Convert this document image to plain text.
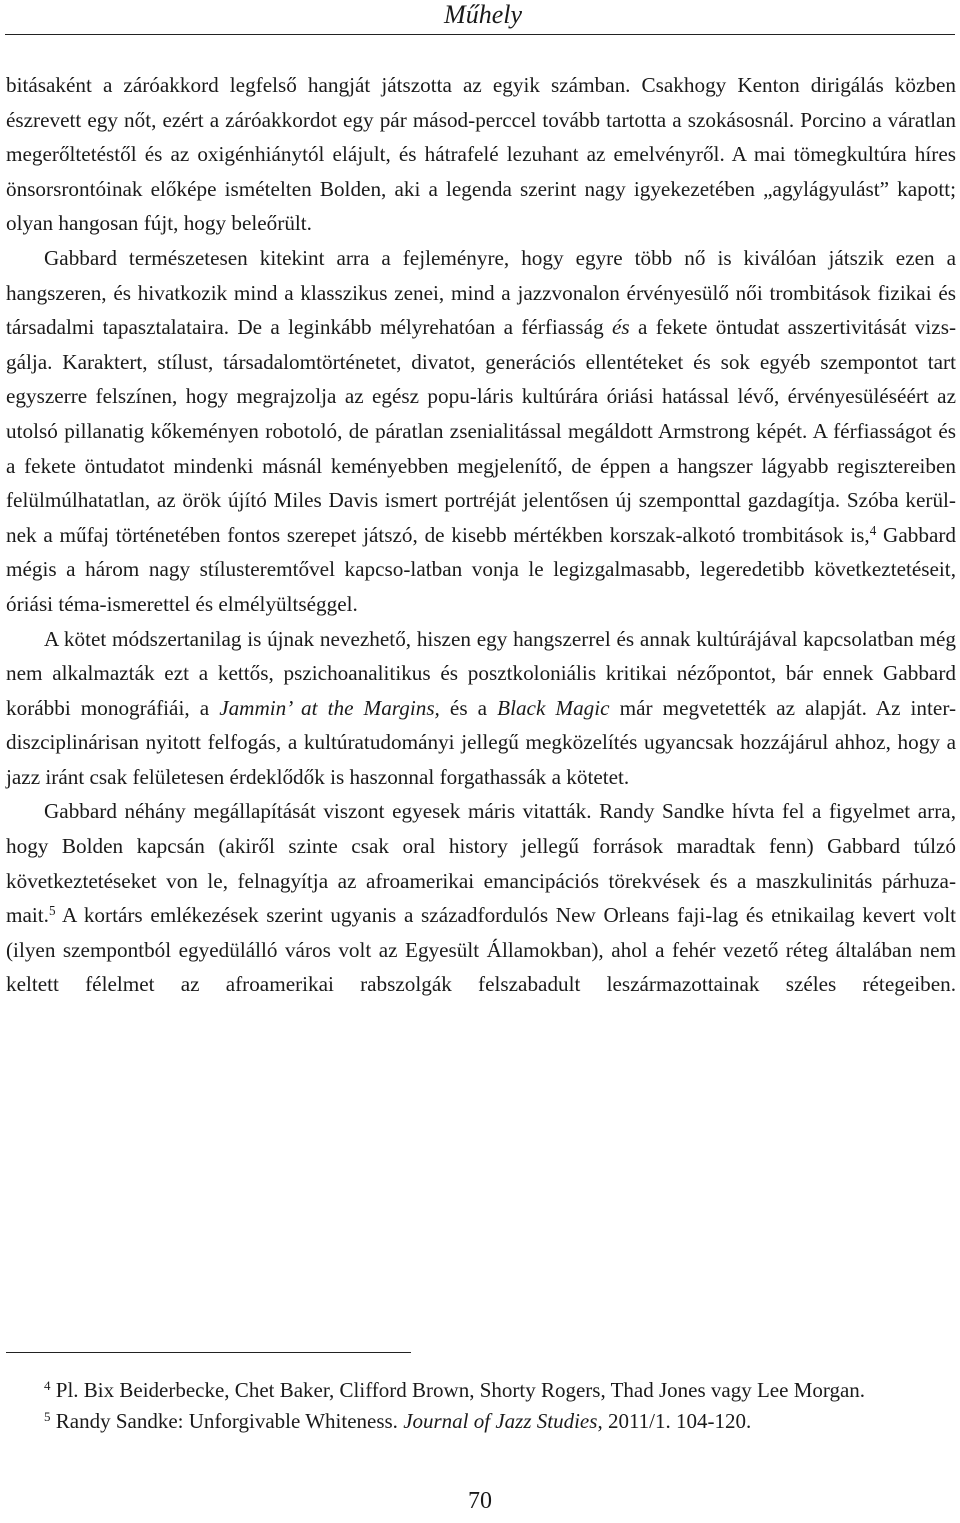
Műhely

bitásaként a záróakkord legfelső hangját játszotta az egyik számban. Csakhogy Kenton dirigálás közben észrevett egy nőt, ezért a záróakkordot egy pár másod-perccel tovább tartotta a szokásosnál. Porcino a váratlan megerőltetéstől és az oxigénhiánytól elájult, és hátrafelé lezuhant az emelvényről. A mai tömegkultúra híres önsorsrontóinak előképe ismételten Bolden, aki a legenda szerint nagy igyekezetében „agylágyulást” kapott; olyan hangosan fújt, hogy beleőrült.

Gabbard természetesen kitekint arra a fejleményre, hogy egyre több nő is kiválóan játszik ezen a hangszeren, és hivatkozik mind a klasszikus zenei, mind a jazzvonalon érvényesülő női trombitások fizikai és társadalmi tapasztalataira. De a leginkább mélyrehatóan a férfiasság és a fekete öntudat asszertivitását vizs-gálja. Karaktert, stílust, társadalomtörténetet, divatot, generációs ellentéteket és sok egyéb szempontot tart egyszerre felszínen, hogy megrajzolja az egész popu-láris kultúrára óriási hatással lévő, érvényesüléséért az utolsó pillanatig kőkeményen robotoló, de páratlan zsenialitással megáldott Armstrong képét. A férfiasságot és a fekete öntudatot mindenki másnál keményebben megjelenítő, de éppen a hangszer lágyabb regisztereiben felülmúlhatatlan, az örök újító Miles Davis ismert portréját jelentősen új szemponttal gazdagítja. Szóba kerül-nek a műfaj történetében fontos szerepet játszó, de kisebb mértékben korszak-alkotó trombitások is,$^4$ Gabbard mégis a három nagy stílusteremtővel kapcso-latban vonja le legizgalmasabb, legeredetibb következtetéseit, óriási téma-ismerettel és elmélyültséggel.

A kötet módszertanilag is újnak nevezhető, hiszen egy hangszerrel és annak kultúrájával kapcsolatban még nem alkalmazták ezt a kettős, pszichoanalitikus és posztkoloniális kritikai nézőpontot, bár ennek Gabbard korábbi monográfiái, a Jammin’ at the Margins, és a Black Magic már megvetették az alapját. Az inter-diszciplinárisan nyitott felfogás, a kultúratudományi jellegű megközelítés ugyancsak hozzájárul ahhoz, hogy a jazz iránt csak felületesen érdeklődők is haszonnal forgathassák a kötetet.

Gabbard néhány megállapítását viszont egyesek máris vitatták. Randy Sandke hívta fel a figyelmet arra, hogy Bolden kapcsán (akiről szinte csak oral history jellegű források maradtak fenn) Gabbard túlzó következtetéseket von le, felnagyítja az afroamerikai emancipációs törekvések és a maszkulinitás párhuza-mait.$^5$ A kortárs emlékezések szerint ugyanis a századfordulós New Orleans faji-lag és etnikailag kevert volt (ilyen szempontból egyedülálló város volt az Egyesült Államokban), ahol a fehér vezető réteg általában nem keltett félelmet az afroamerikai rabszolgák felszabadult leszármazottainak széles rétegeiben.

$^4$ Pl. Bix Beiderbecke, Chet Baker, Clifford Brown, Shorty Rogers, Thad Jones vagy Lee Morgan.

$^5$ Randy Sandke: Unforgivable Whiteness. Journal of Jazz Studies, 2011/1. 104-120.

70
